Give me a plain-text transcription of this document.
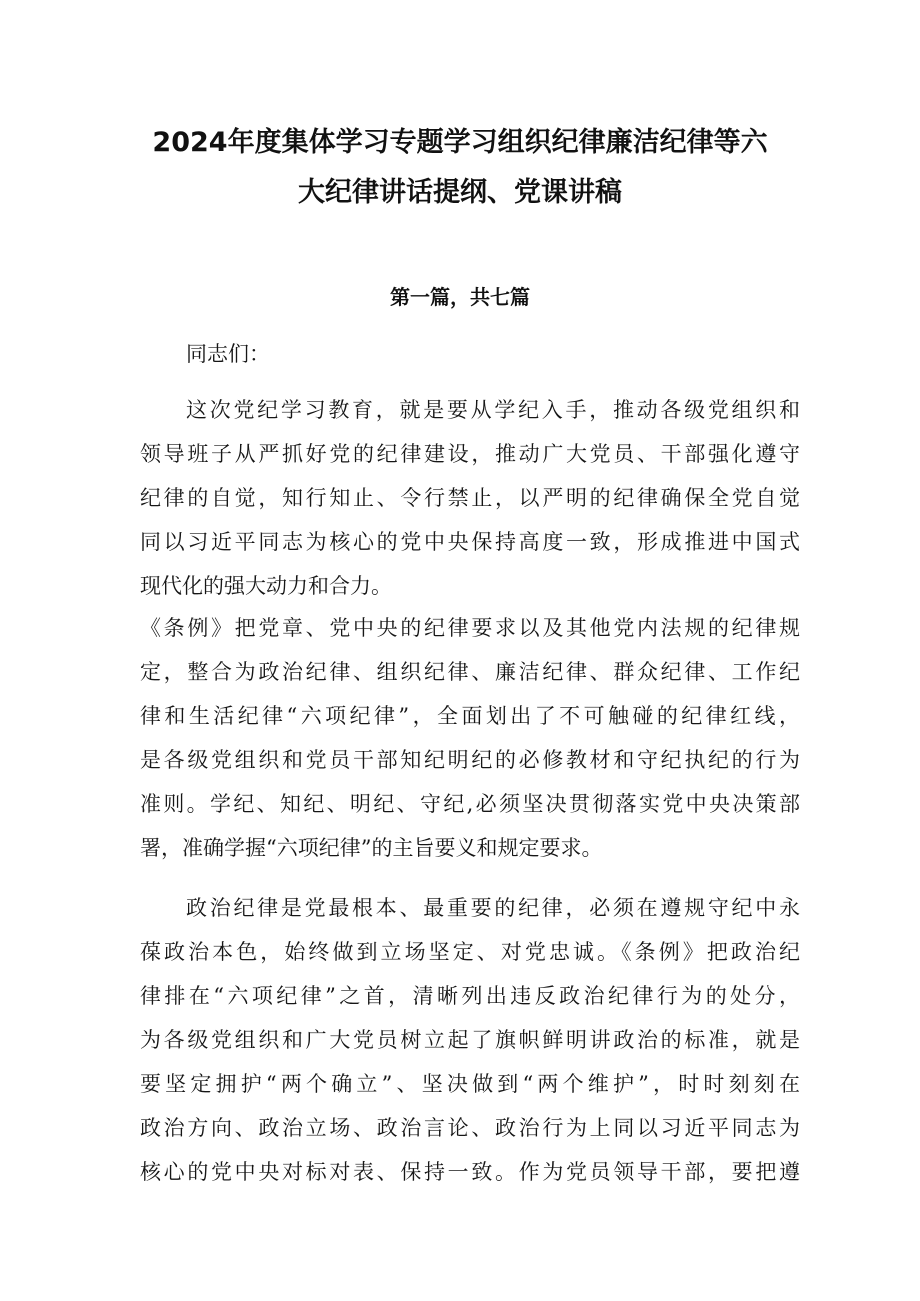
2024年度集体学习专题学习组织纪律廉洁纪律等六
大纪律讲话提纲、党课讲稿
第一篇，共七篇
同志们：
这次党纪学习教育，就是要从学纪入手，推动各级党组织和
领导班子从严抓好党的纪律建设，推动广大党员、干部强化遵守
纪律的自觉，知行知止、令行禁止，以严明的纪律确保全党自觉
同以习近平同志为核心的党中央保持高度一致，形成推进中国式
现代化的强大动力和合力。
《条例》把党章、党中央的纪律要求以及其他党内法规的纪律规
定，整合为政治纪律、组织纪律、廉洁纪律、群众纪律、工作纪
律和生活纪律“六项纪律”，全面划出了不可触碰的纪律红线，
是各级党组织和党员干部知纪明纪的必修教材和守纪执纪的行为
准则。学纪、知纪、明纪、守纪,必须坚决贯彻落实党中央决策部
署，准确学握“六项纪律”的主旨要义和规定要求。
政治纪律是党最根本、最重要的纪律，必须在遵规守纪中永
葆政治本色，始终做到立场坚定、对党忠诚。《条例》把政治纪
律排在“六项纪律”之首，清晰列出违反政治纪律行为的处分，
为各级党组织和广大党员树立起了旗帜鲜明讲政治的标准，就是
要坚定拥护“两个确立”、坚决做到“两个维护”，时时刻刻在
政治方向、政治立场、政治言论、政治行为上同以习近平同志为
核心的党中央对标对表、保持一致。作为党员领导干部，要把遵
